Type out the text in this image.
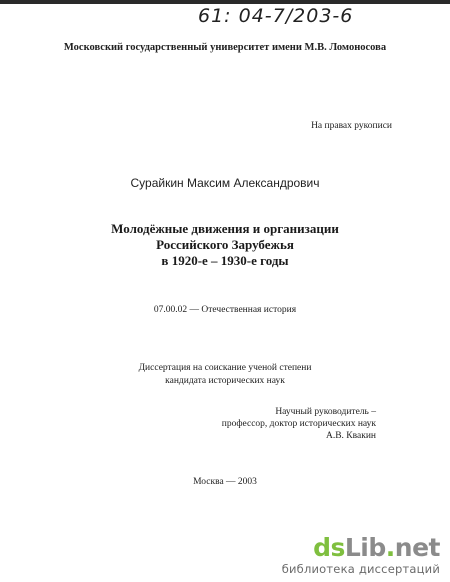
61: 04-7/203-6
Московский государственный университет имени М.В. Ломоносова
На правах рукописи
Сурайкин Максим Александрович
Молодёжные движения и организации
Российского Зарубежья
в 1920-е – 1930-е годы
07.00.02 — Отечественная история
Диссертация на соискание ученой степени
кандидата исторических наук
Научный руководитель –
профессор, доктор исторических наук
А.В. Квакин
Москва — 2003
dsLib.net
библиотека диссертаций
